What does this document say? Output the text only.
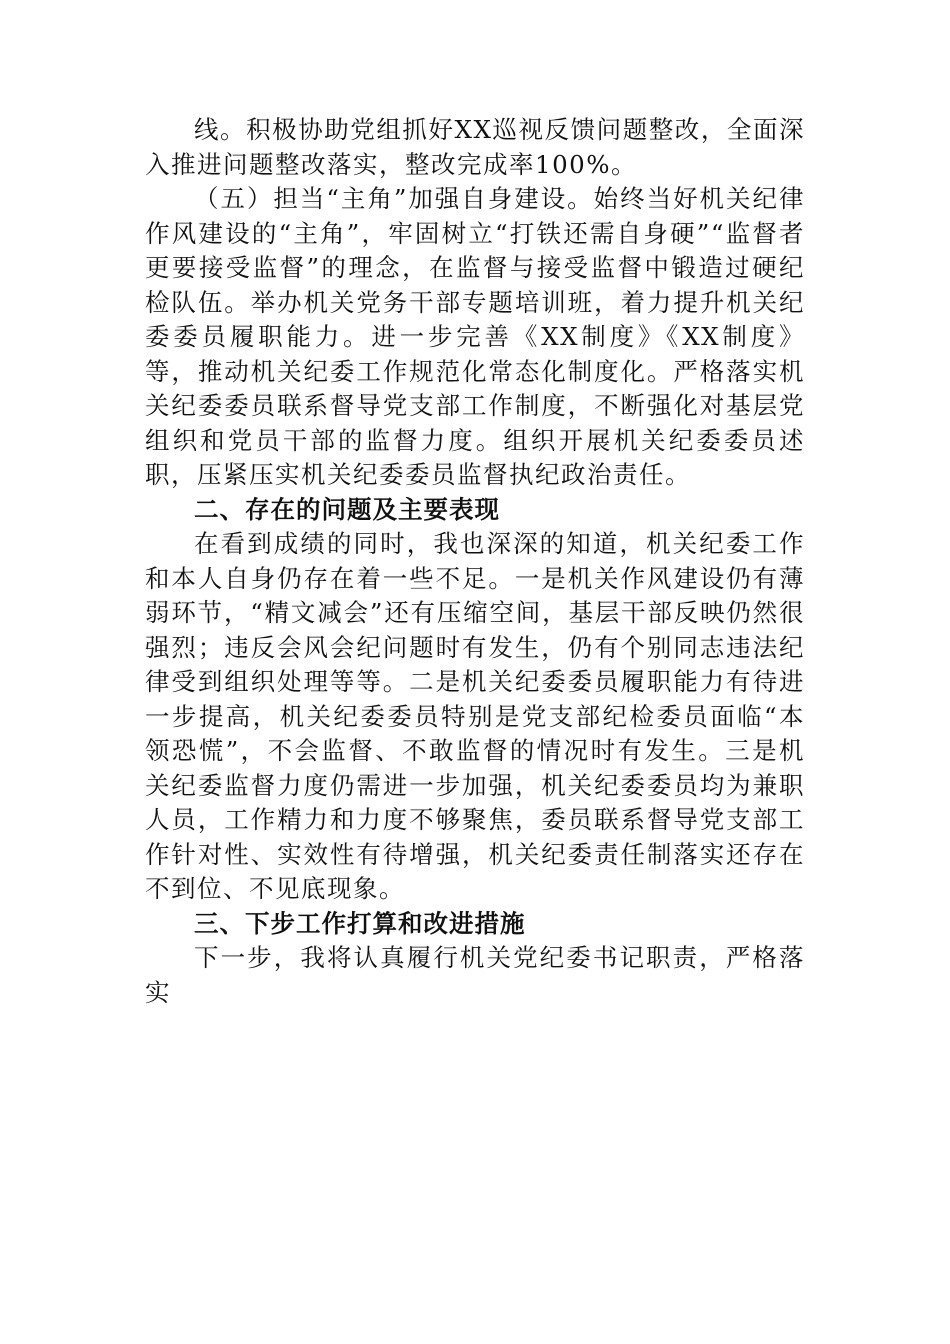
线。积极协助党组抓好XX巡视反馈问题整改，全面深入推进问题整改落实，整改完成率100%。

（五）担当“主角”加强自身建设。始终当好机关纪律作风建设的“主角”，牢固树立“打铁还需自身硬”“监督者更要接受监督”的理念，在监督与接受监督中锻造过硬纪检队伍。举办机关党务干部专题培训班，着力提升机关纪委委员履职能力。进一步完善《XX制度》《XX制度》等，推动机关纪委工作规范化常态化制度化。严格落实机关纪委委员联系督导党支部工作制度，不断强化对基层党组织和党员干部的监督力度。组织开展机关纪委委员述职，压紧压实机关纪委委员监督执纪政治责任。

二、存在的问题及主要表现

在看到成绩的同时，我也深深的知道，机关纪委工作和本人自身仍存在着一些不足。一是机关作风建设仍有薄弱环节，“精文减会”还有压缩空间，基层干部反映仍然很强烈；违反会风会纪问题时有发生，仍有个别同志违法纪律受到组织处理等等。二是机关纪委委员履职能力有待进一步提高，机关纪委委员特别是党支部纪检委员面临“本领恐慌”，不会监督、不敢监督的情况时有发生。三是机关纪委监督力度仍需进一步加强，机关纪委委员均为兼职人员，工作精力和力度不够聚焦，委员联系督导党支部工作针对性、实效性有待增强，机关纪委责任制落实还存在不到位、不见底现象。

三、下步工作打算和改进措施

下一步，我将认真履行机关党纪委书记职责，严格落实
